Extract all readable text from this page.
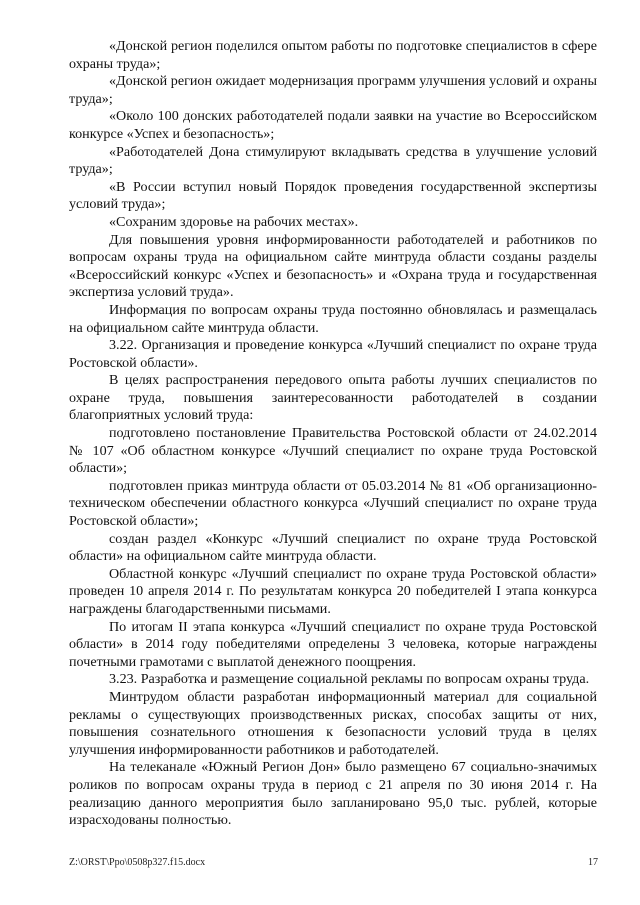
«Донской регион поделился опытом работы по подготовке специалистов в сфере охраны труда»;

«Донской регион ожидает модернизация программ улучшения условий и охраны труда»;

«Около 100 донских работодателей подали заявки на участие во Всероссийском конкурсе «Успех и безопасность»;

«Работодателей Дона стимулируют вкладывать средства в улучшение условий труда»;

«В России вступил новый Порядок проведения государственной экспертизы условий труда»;

«Сохраним здоровье на рабочих местах».

Для повышения уровня информированности работодателей и работников по вопросам охраны труда на официальном сайте минтруда области созданы разделы «Всероссийский конкурс «Успех и безопасность» и «Охрана труда и государственная экспертиза условий труда».

Информация по вопросам охраны труда постоянно обновлялась и размещалась на официальном сайте минтруда области.

3.22. Организация и проведение конкурса «Лучший специалист по охране труда Ростовской области».

В целях распространения передового опыта работы лучших специалистов по охране труда, повышения заинтересованности работодателей в создании благоприятных условий труда:

подготовлено постановление Правительства Ростовской области от 24.02.2014 № 107 «Об областном конкурсе «Лучший специалист по охране труда Ростовской области»;

подготовлен приказ минтруда области от 05.03.2014 № 81 «Об организационно-техническом обеспечении областного конкурса «Лучший специалист по охране труда Ростовской области»;

создан раздел «Конкурс «Лучший специалист по охране труда Ростовской области» на официальном сайте минтруда области.

Областной конкурс «Лучший специалист по охране труда Ростовской области» проведен 10 апреля 2014 г. По результатам конкурса 20 победителей I этапа конкурса награждены благодарственными письмами.

По итогам II этапа конкурса «Лучший специалист по охране труда Ростовской области» в 2014 году победителями определены 3 человека, которые награждены почетными грамотами с выплатой денежного поощрения.

3.23. Разработка и размещение социальной рекламы по вопросам охраны труда.

Минтрудом области разработан информационный материал для социальной рекламы о существующих производственных рисках, способах защиты от них, повышения сознательного отношения к безопасности условий труда в целях улучшения информированности работников и работодателей.

На телеканале «Южный Регион Дон» было размещено 67 социально-значимых роликов по вопросам охраны труда в период с 21 апреля по 30 июня 2014 г. На реализацию данного мероприятия было запланировано 95,0 тыс. рублей, которые израсходованы полностью.

Z:\ORST\Ppo\0508p327.f15.docx	17
